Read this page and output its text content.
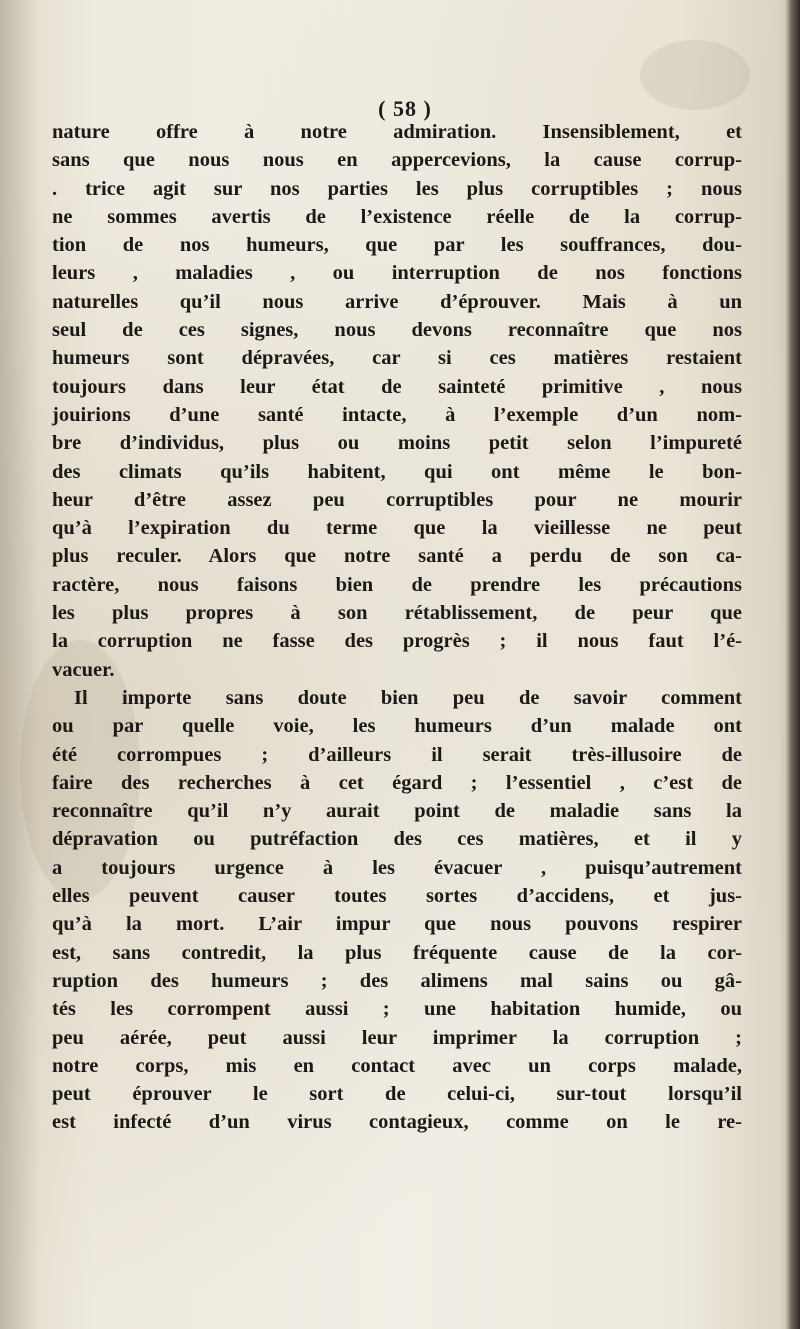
( 58 )
nature offre à notre admiration. Insensiblement, et
sans que nous nous en appercevions, la cause corrup-
. trice agit sur nos parties les plus corruptibles ; nous
ne sommes avertis de l’existence réelle de la corrup-
tion de nos humeurs, que par les souffrances, dou-
leurs , maladies , ou interruption de nos fonctions
naturelles qu’il nous arrive d’éprouver. Mais à un
seul de ces signes, nous devons reconnaître que nos
humeurs sont dépravées, car si ces matières restaient
toujours dans leur état de sainteté primitive , nous
jouirions d’une santé intacte, à l’exemple d’un nom-
bre d’individus, plus ou moins petit selon l’impureté
des climats qu’ils habitent, qui ont même le bon-
heur d’être assez peu corruptibles pour ne mourir
qu’à l’expiration du terme que la vieillesse ne peut
plus reculer. Alors que notre santé a perdu de son ca-
ractère, nous faisons bien de prendre les précautions
les plus propres à son rétablissement, de peur que
la corruption ne fasse des progrès ; il nous faut l’é-
vacuer.
Il importe sans doute bien peu de savoir comment
ou par quelle voie, les humeurs d’un malade ont
été corrompues ; d’ailleurs il serait très-illusoire de
faire des recherches à cet égard ; l’essentiel , c’est de
reconnaître qu’il n’y aurait point de maladie sans la
dépravation ou putréfaction des ces matières, et il y
a toujours urgence à les évacuer , puisqu’autrement
elles peuvent causer toutes sortes d’accidens, et jus-
qu’à la mort. L’air impur que nous pouvons respirer
est, sans contredit, la plus fréquente cause de la cor-
ruption des humeurs ; des alimens mal sains ou gâ-
tés les corrompent aussi ; une habitation humide, ou
peu aérée, peut aussi leur imprimer la corruption ;
notre corps, mis en contact avec un corps malade,
peut éprouver le sort de celui-ci, sur-tout lorsqu’il
est infecté d’un virus contagieux, comme on le re-
